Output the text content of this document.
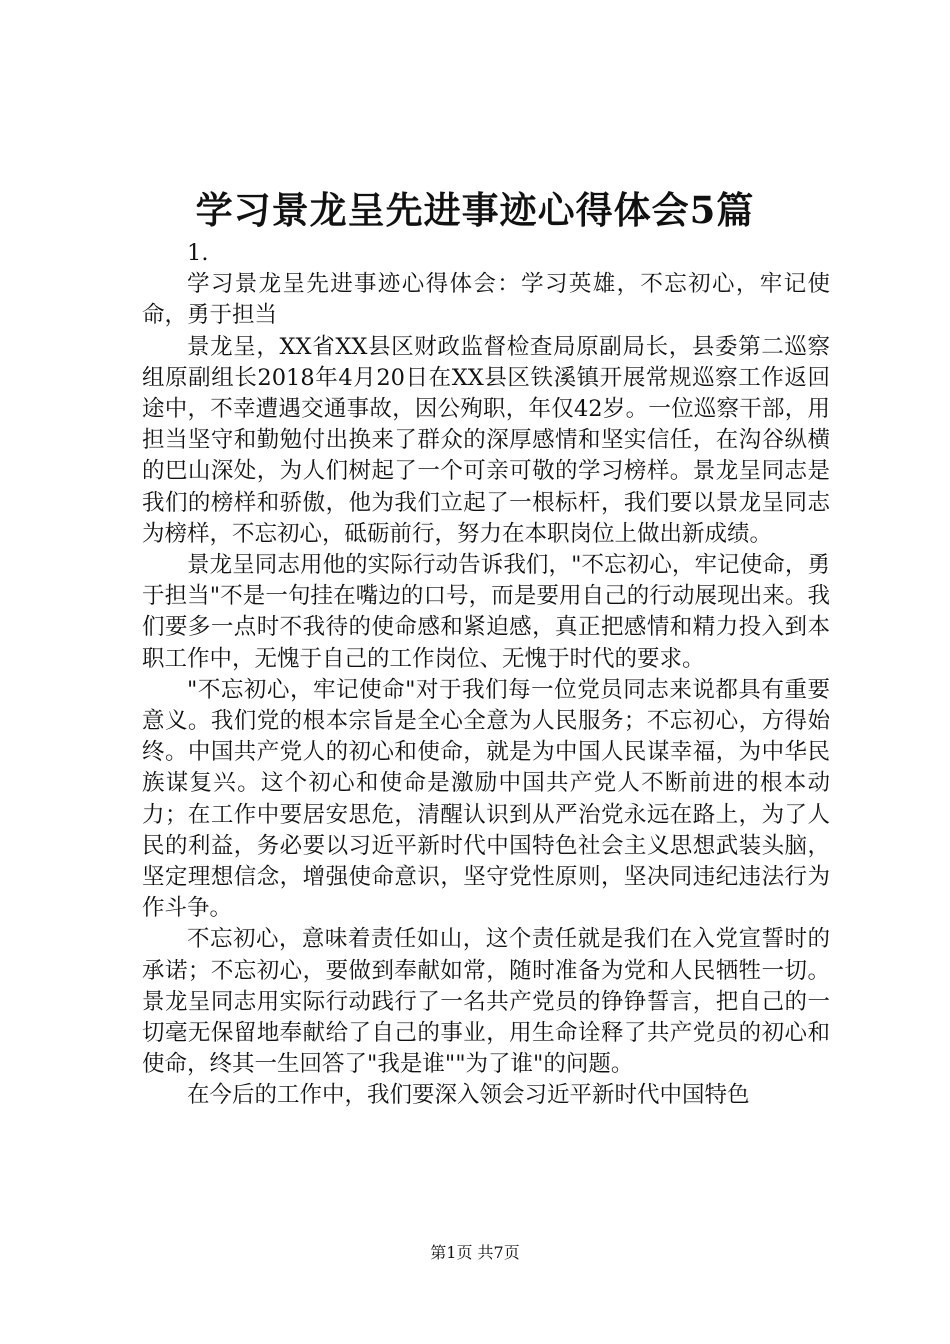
学习景龙呈先进事迹心得体会5篇

1.

学习景龙呈先进事迹心得体会：学习英雄，不忘初心，牢记使命，勇于担当

景龙呈，XX省XX县区财政监督检查局原副局长，县委第二巡察组原副组长2018年4月20日在XX县区铁溪镇开展常规巡察工作返回途中，不幸遭遇交通事故，因公殉职，年仅42岁。一位巡察干部，用担当坚守和勤勉付出换来了群众的深厚感情和坚实信任，在沟谷纵横的巴山深处，为人们树起了一个可亲可敬的学习榜样。景龙呈同志是我们的榜样和骄傲，他为我们立起了一根标杆，我们要以景龙呈同志为榜样，不忘初心，砥砺前行，努力在本职岗位上做出新成绩。

景龙呈同志用他的实际行动告诉我们，"不忘初心，牢记使命，勇于担当"不是一句挂在嘴边的口号，而是要用自己的行动展现出来。我们要多一点时不我待的使命感和紧迫感，真正把感情和精力投入到本职工作中，无愧于自己的工作岗位、无愧于时代的要求。

"不忘初心，牢记使命"对于我们每一位党员同志来说都具有重要意义。我们党的根本宗旨是全心全意为人民服务；不忘初心，方得始终。中国共产党人的初心和使命，就是为中国人民谋幸福，为中华民族谋复兴。这个初心和使命是激励中国共产党人不断前进的根本动力；在工作中要居安思危，清醒认识到从严治党永远在路上，为了人民的利益，务必要以习近平新时代中国特色社会主义思想武装头脑，坚定理想信念，增强使命意识，坚守党性原则，坚决同违纪违法行为作斗争。

不忘初心，意味着责任如山，这个责任就是我们在入党宣誓时的承诺；不忘初心，要做到奉献如常，随时准备为党和人民牺牲一切。景龙呈同志用实际行动践行了一名共产党员的铮铮誓言，把自己的一切毫无保留地奉献给了自己的事业，用生命诠释了共产党员的初心和使命，终其一生回答了"我是谁""为了谁"的问题。

在今后的工作中，我们要深入领会习近平新时代中国特色

第1页 共7页
